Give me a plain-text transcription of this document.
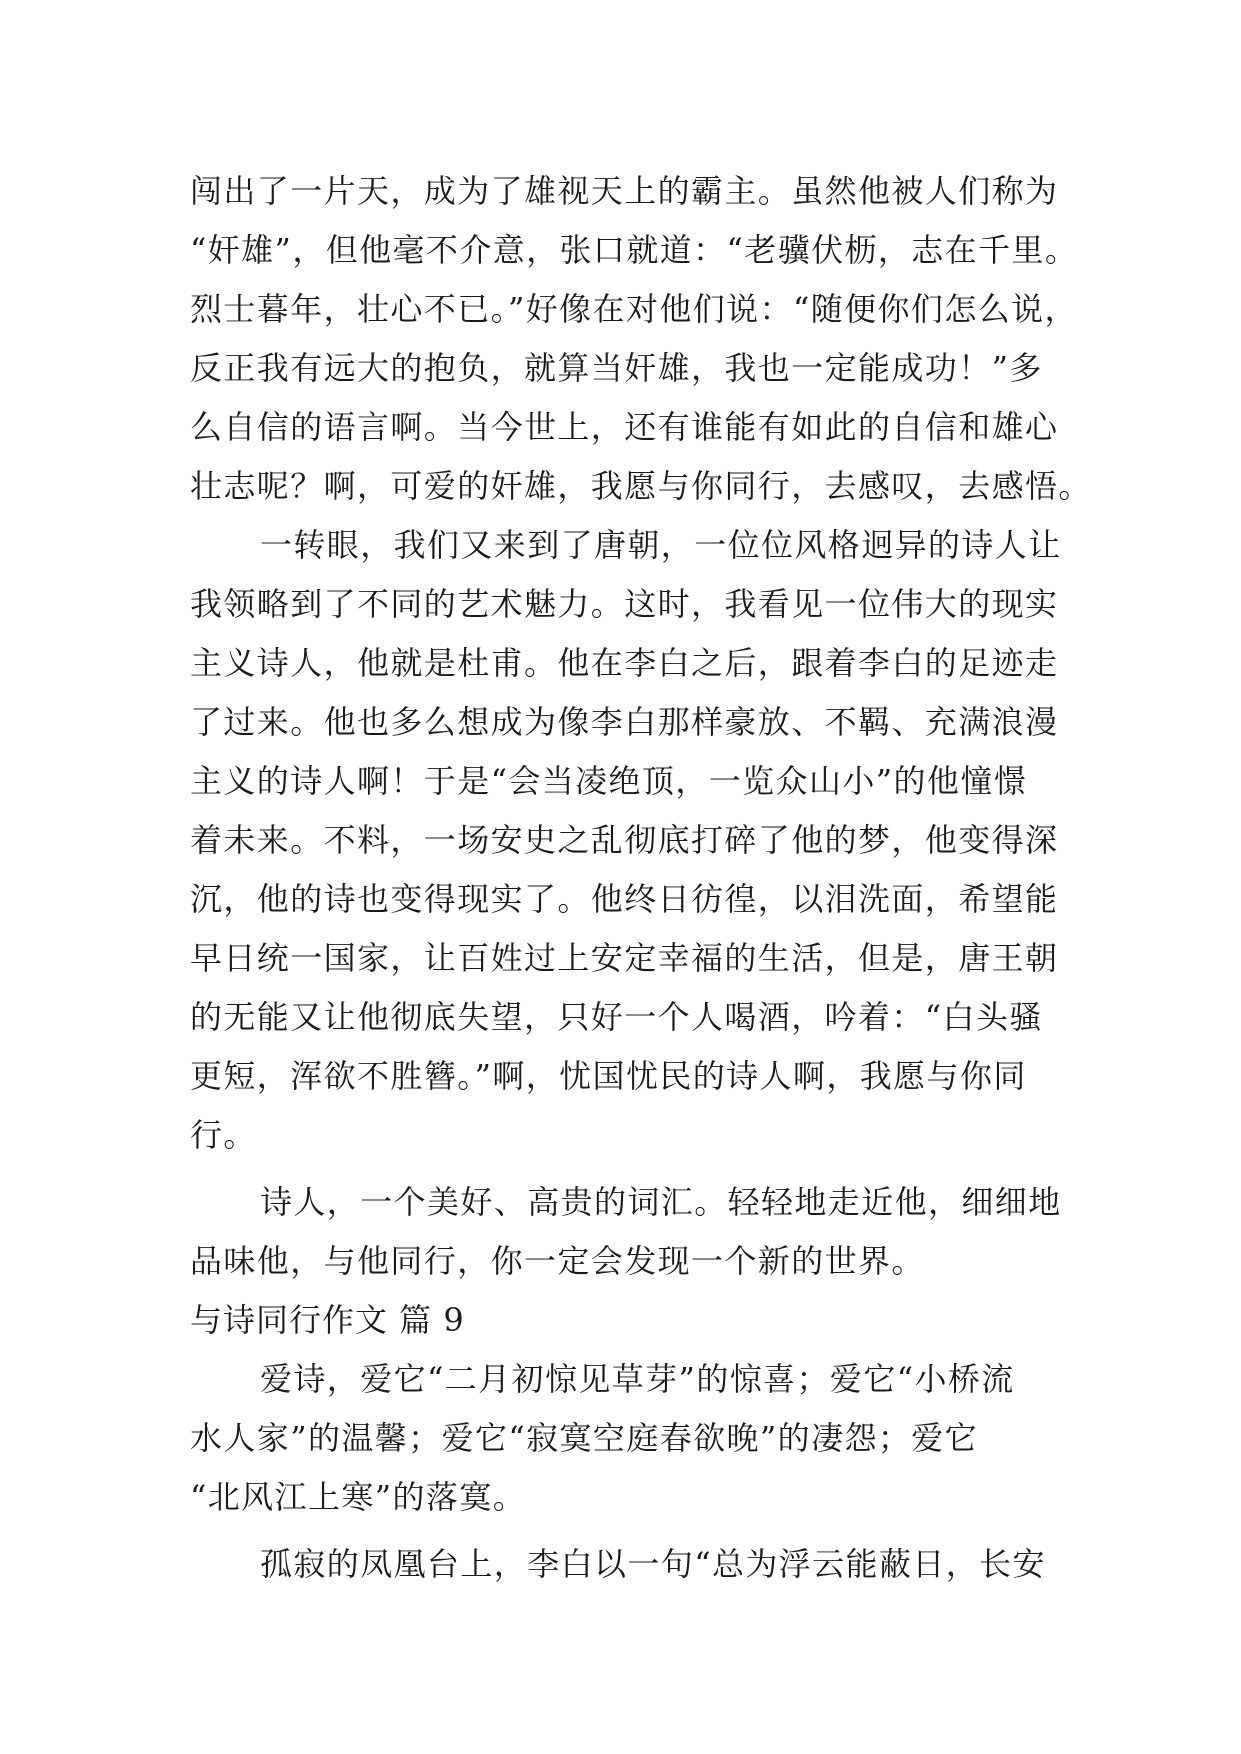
闯出了一片天，成为了雄视天上的霸主。虽然他被人们称为
“奸雄”，但他毫不介意，张口就道：“老骥伏枥，志在千里。
烈士暮年，壮心不已。”好像在对他们说：“随便你们怎么说，
反正我有远大的抱负，就算当奸雄，我也一定能成功！”多
么自信的语言啊。当今世上，还有谁能有如此的自信和雄心
壮志呢？啊，可爱的奸雄，我愿与你同行，去感叹，去感悟。
一转眼，我们又来到了唐朝，一位位风格迥异的诗人让
我领略到了不同的艺术魅力。这时，我看见一位伟大的现实
主义诗人，他就是杜甫。他在李白之后，跟着李白的足迹走
了过来。他也多么想成为像李白那样豪放、不羁、充满浪漫
主义的诗人啊！于是“会当凌绝顶，一览众山小”的他憧憬
着未来。不料，一场安史之乱彻底打碎了他的梦，他变得深
沉，他的诗也变得现实了。他终日彷徨，以泪洗面，希望能
早日统一国家，让百姓过上安定幸福的生活，但是，唐王朝
的无能又让他彻底失望，只好一个人喝酒，吟着：“白头骚
更短，浑欲不胜簪。”啊，忧国忧民的诗人啊，我愿与你同
行。
诗人，一个美好、高贵的词汇。轻轻地走近他，细细地
品味他，与他同行，你一定会发现一个新的世界。
与诗同行作文 篇 9
爱诗，爱它“二月初惊见草芽”的惊喜；爱它“小桥流
水人家”的温馨；爱它“寂寞空庭春欲晚”的凄怨；爱它
“北风江上寒”的落寞。
孤寂的凤凰台上，李白以一句“总为浮云能蔽日，长安
